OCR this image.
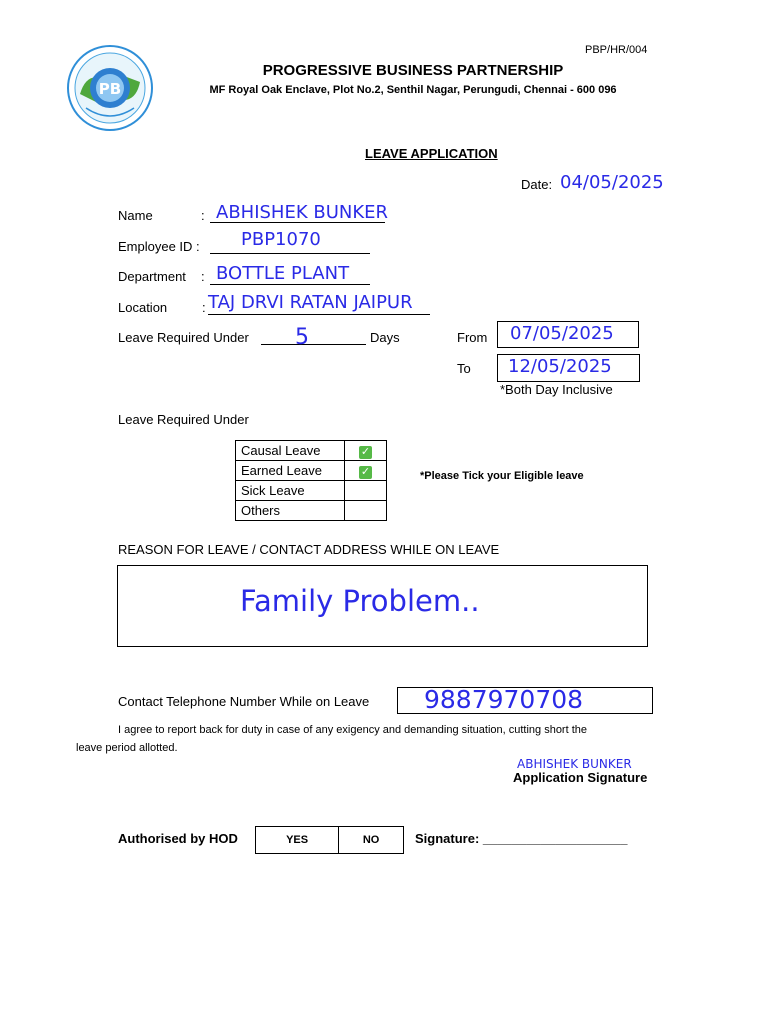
PB
PBP/HR/004
PROGRESSIVE BUSINESS PARTNERSHIP
MF Royal Oak Enclave, Plot No.2, Senthil Nagar, Perungudi, Chennai - 600 096
LEAVE APPLICATION
Date: 04/05/2025
Name	: ABHISHEK BUNKER
Employee ID : PBP1070
Department : BOTTLE PLANT
Location	: TAJ DRVI RATAN JAIPUR
Leave Required Under 5	Days	From 07/05/2025
To 12/05/2025
*Both Day Inclusive
Leave Required Under
Causal Leave	✓
Earned Leave	✓
Sick Leave	
Others	
*Please Tick your Eligible leave
REASON FOR LEAVE / CONTACT ADDRESS WHILE ON LEAVE
Family Problem..
Contact Telephone Number While on Leave 9887970708
I agree to report back for duty in case of any exigency and demanding situation, cutting short the
leave period allotted.
ABHISHEK BUNKER
Application Signature
Authorised by HOD	YES	NO	Signature: ____________________
